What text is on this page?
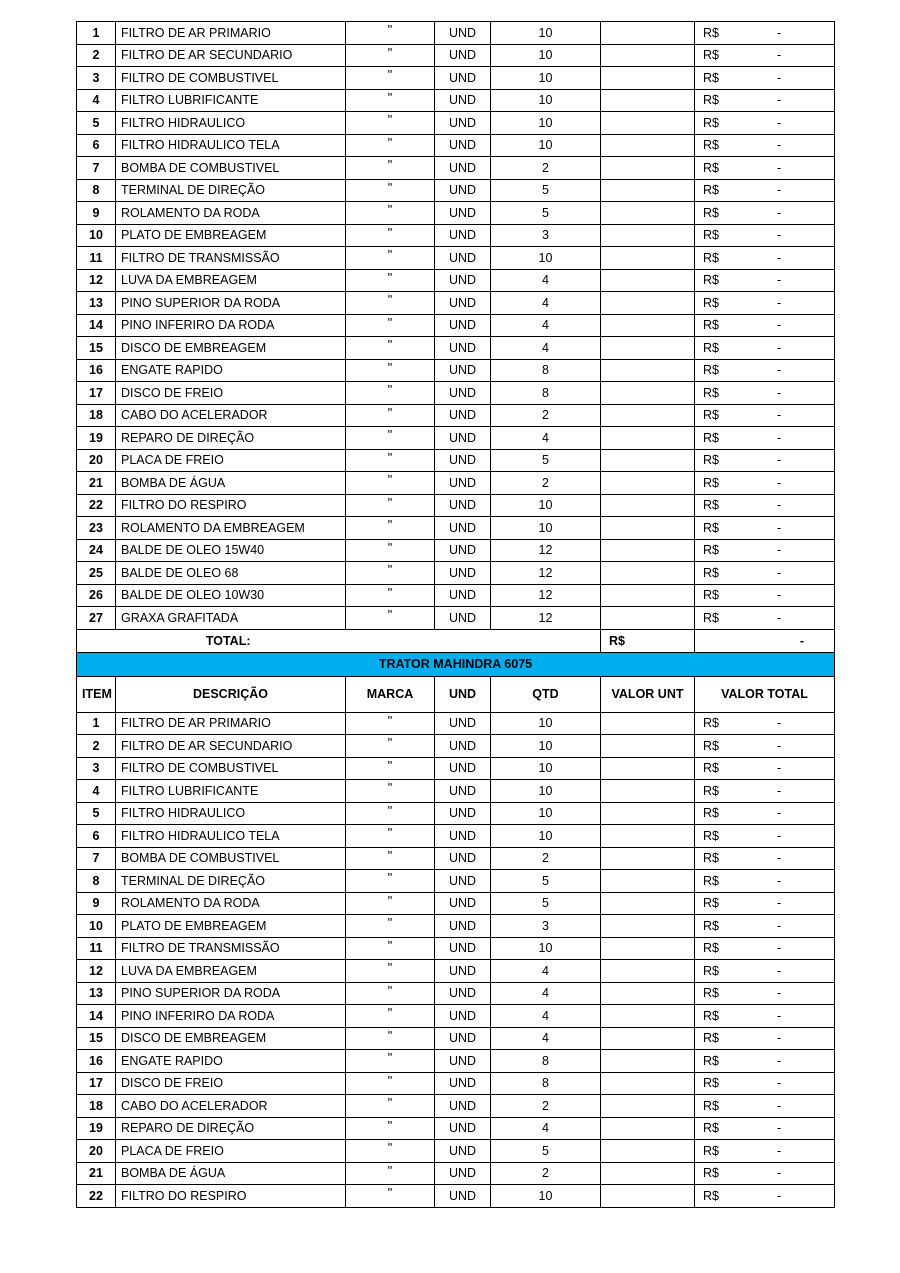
1	FILTRO DE AR PRIMARIO	"	UND	10		R$ -
2	FILTRO DE AR SECUNDARIO	"	UND	10		R$ -
3	FILTRO DE COMBUSTIVEL	"	UND	10		R$ -
4	FILTRO LUBRIFICANTE	"	UND	10		R$ -
5	FILTRO HIDRAULICO	"	UND	10		R$ -
6	FILTRO HIDRAULICO TELA	"	UND	10		R$ -
7	BOMBA DE COMBUSTIVEL	"	UND	2		R$ -
8	TERMINAL DE DIREÇÃO	"	UND	5		R$ -
9	ROLAMENTO DA RODA	"	UND	5		R$ -
10	PLATO DE EMBREAGEM	"	UND	3		R$ -
11	FILTRO DE TRANSMISSÃO	"	UND	10		R$ -
12	LUVA DA EMBREAGEM	"	UND	4		R$ -
13	PINO SUPERIOR DA RODA	"	UND	4		R$ -
14	PINO INFERIRO DA RODA	"	UND	4		R$ -
15	DISCO DE EMBREAGEM	"	UND	4		R$ -
16	ENGATE RAPIDO	"	UND	8		R$ -
17	DISCO DE FREIO	"	UND	8		R$ -
18	CABO DO ACELERADOR	"	UND	2		R$ -
19	REPARO DE DIREÇÃO	"	UND	4		R$ -
20	PLACA DE FREIO	"	UND	5		R$ -
21	BOMBA DE ÁGUA	"	UND	2		R$ -
22	FILTRO DO RESPIRO	"	UND	10		R$ -
23	ROLAMENTO DA EMBREAGEM	"	UND	10		R$ -
24	BALDE DE OLEO 15W40	"	UND	12		R$ -
25	BALDE DE OLEO 68	"	UND	12		R$ -
26	BALDE DE OLEO 10W30	"	UND	12		R$ -
27	GRAXA GRAFITADA	"	UND	12		R$ -
TOTAL:					R$	-
TRATOR MAHINDRA 6075						
ITEM	DESCRIÇÃO	MARCA	UND	QTD	VALOR UNT	VALOR TOTAL
1	FILTRO DE AR PRIMARIO	"	UND	10		R$ -
2	FILTRO DE AR SECUNDARIO	"	UND	10		R$ -
3	FILTRO DE COMBUSTIVEL	"	UND	10		R$ -
4	FILTRO LUBRIFICANTE	"	UND	10		R$ -
5	FILTRO HIDRAULICO	"	UND	10		R$ -
6	FILTRO HIDRAULICO TELA	"	UND	10		R$ -
7	BOMBA DE COMBUSTIVEL	"	UND	2		R$ -
8	TERMINAL DE DIREÇÃO	"	UND	5		R$ -
9	ROLAMENTO DA RODA	"	UND	5		R$ -
10	PLATO DE EMBREAGEM	"	UND	3		R$ -
11	FILTRO DE TRANSMISSÃO	"	UND	10		R$ -
12	LUVA DA EMBREAGEM	"	UND	4		R$ -
13	PINO SUPERIOR DA RODA	"	UND	4		R$ -
14	PINO INFERIRO DA RODA	"	UND	4		R$ -
15	DISCO DE EMBREAGEM	"	UND	4		R$ -
16	ENGATE RAPIDO	"	UND	8		R$ -
17	DISCO DE FREIO	"	UND	8		R$ -
18	CABO DO ACELERADOR	"	UND	2		R$ -
19	REPARO DE DIREÇÃO	"	UND	4		R$ -
20	PLACA DE FREIO	"	UND	5		R$ -
21	BOMBA DE ÁGUA	"	UND	2		R$ -
22	FILTRO DO RESPIRO	"	UND	10		R$ -
